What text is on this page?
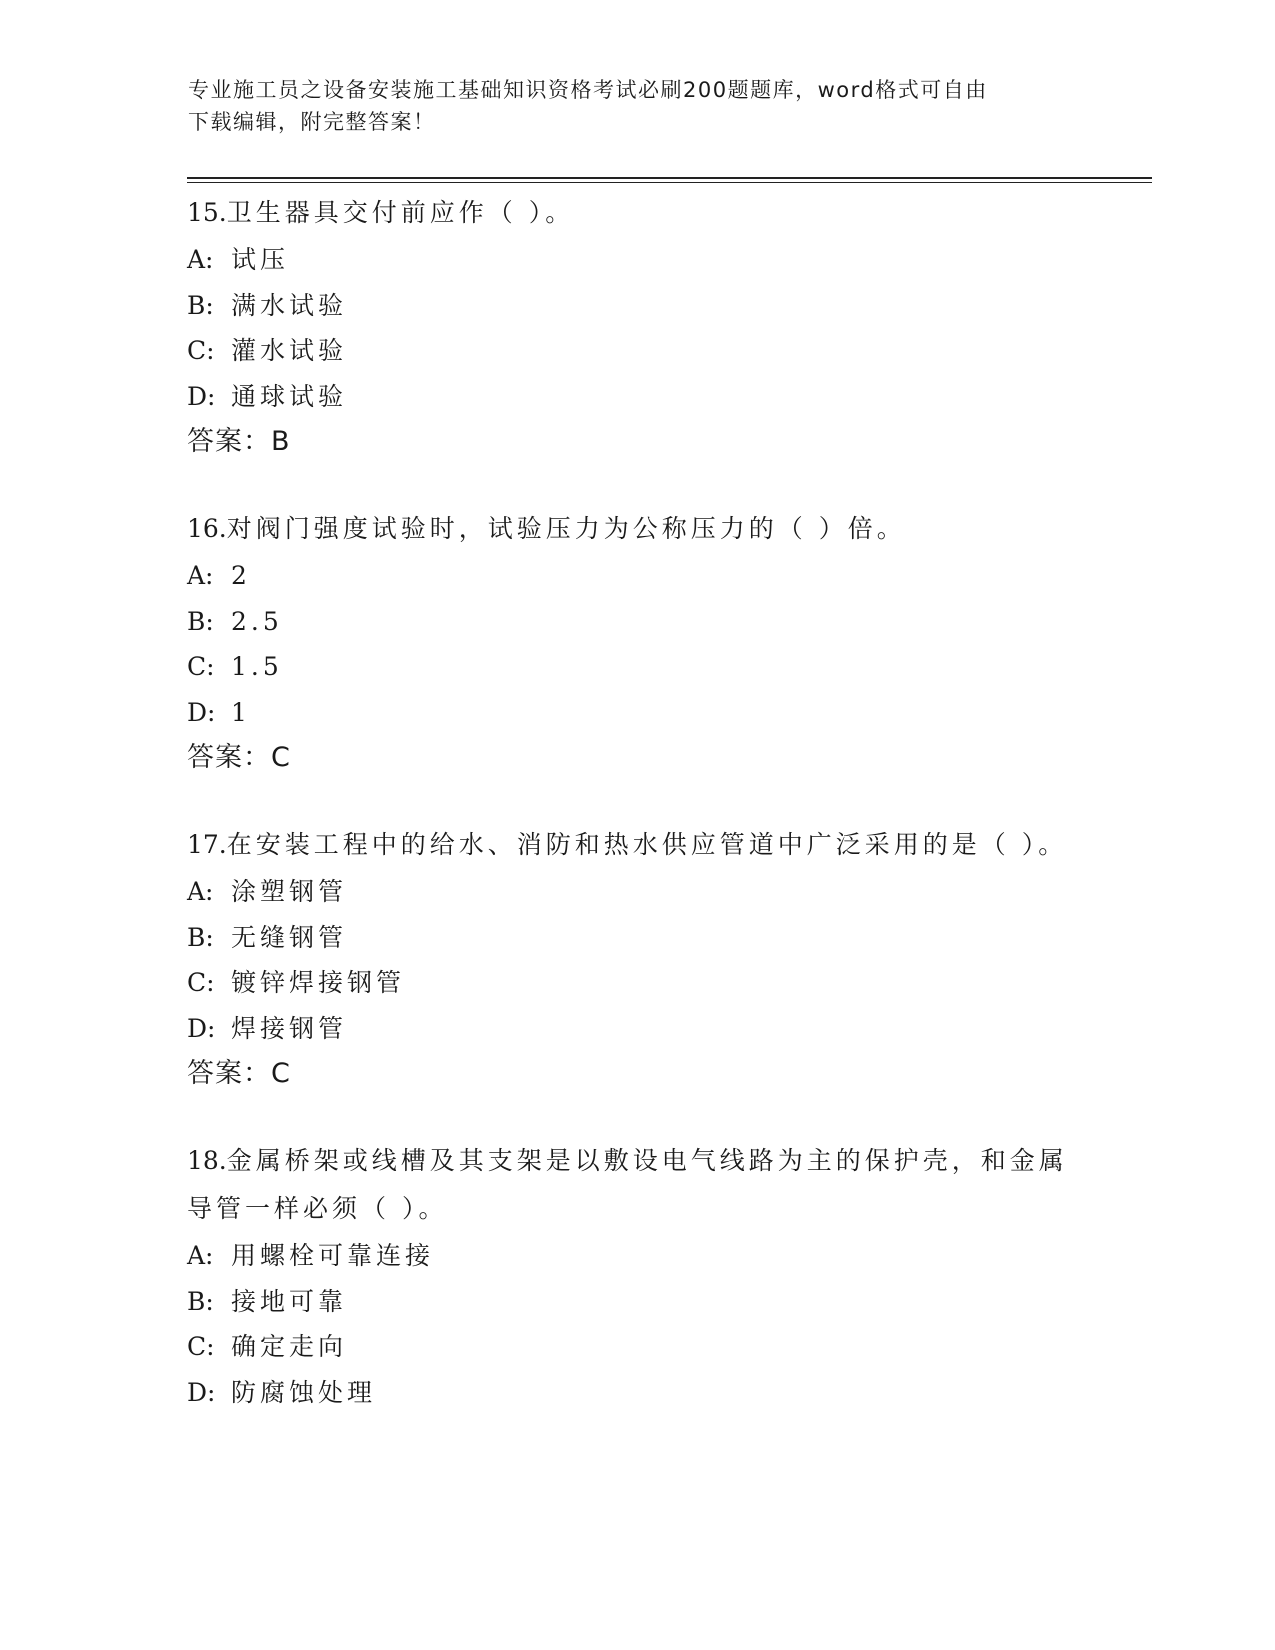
专业施工员之设备安装施工基础知识资格考试必刷200题题库，word格式可自由
下载编辑，附完整答案！

15.卫生器具交付前应作（ ）。

A: 试压
B: 满水试验
C: 灌水试验
D: 通球试验
答案：B

16.对阀门强度试验时，试验压力为公称压力的（ ）倍。

A: 2
B: 2.5
C: 1.5
D: 1
答案：C

17.在安装工程中的给水、消防和热水供应管道中广泛采用的是（ ）。

A: 涂塑钢管
B: 无缝钢管
C: 镀锌焊接钢管
D: 焊接钢管
答案：C

18.金属桥架或线槽及其支架是以敷设电气线路为主的保护壳，和金属导管一样必须（ ）。

A: 用螺栓可靠连接
B: 接地可靠
C: 确定走向
D: 防腐蚀处理
